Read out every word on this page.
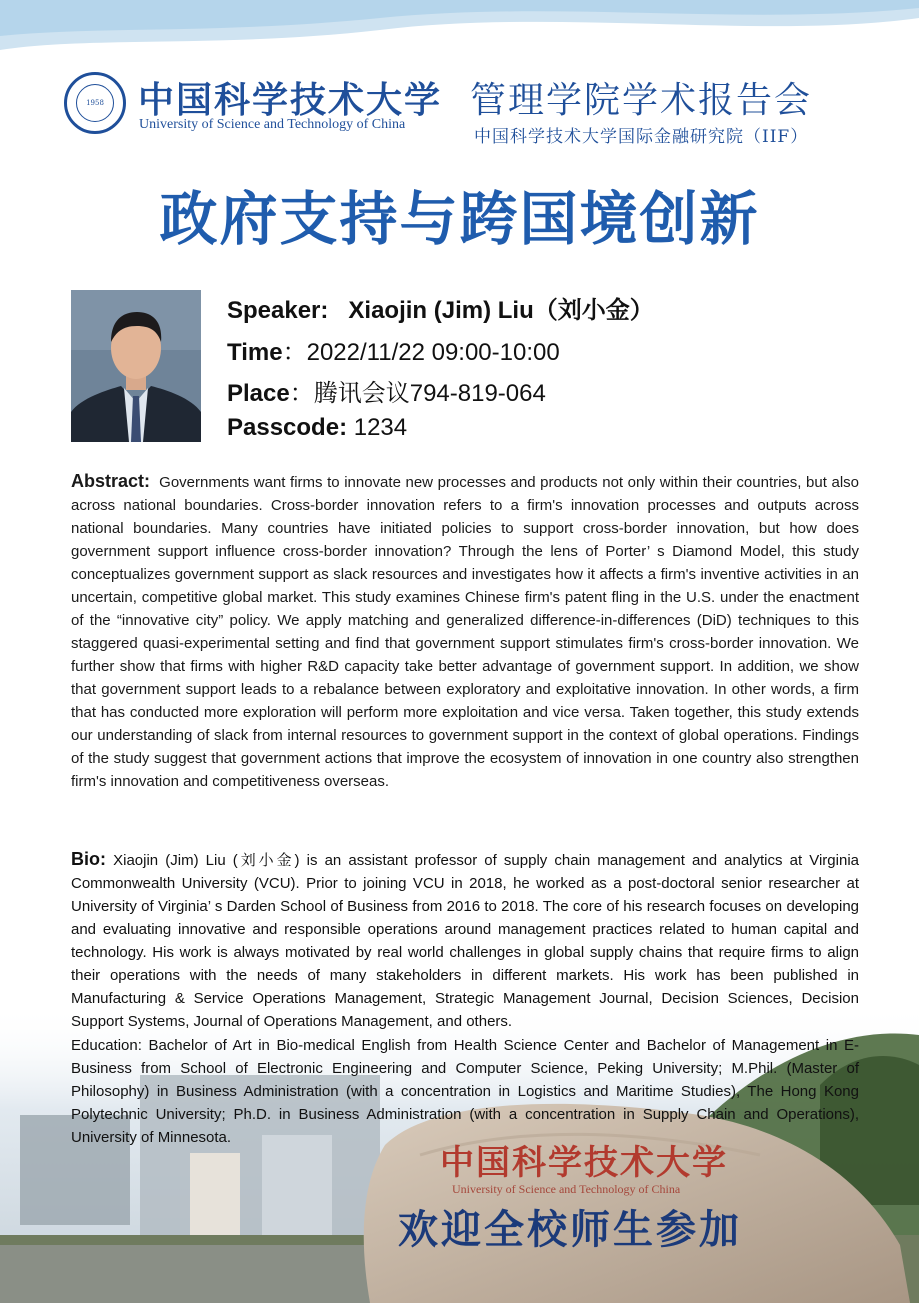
1958 中国科学技术大学
University of Science and Technology of China
管理学院学术报告会
中国科学技术大学国际金融研究院（IIF）
政府支持与跨国境创新
Speaker: Xiaojin (Jim) Liu（刘小金）
Time：2022/11/22 09:00-10:00
Place：腾讯会议794-819-064
Passcode: 1234
Abstract: Governments want firms to innovate new processes and products not only within their countries, but also across national boundaries. Cross-border innovation refers to a firm's innovation processes and outputs across national boundaries. Many countries have initiated policies to support cross-border innovation, but how does government support influence cross-border innovation? Through the lens of Porter’ s Diamond Model, this study conceptualizes government support as slack resources and investigates how it affects a firm's inventive activities in an uncertain, competitive global market. This study examines Chinese firm's patent fling in the U.S. under the enactment of the “innovative city” policy. We apply matching and generalized difference-in-differences (DiD) techniques to this staggered quasi-experimental setting and find that government support stimulates firm's cross-border innovation. We further show that firms with higher R&D capacity take better advantage of government support. In addition, we show that government support leads to a rebalance between exploratory and exploitative innovation. In other words, a firm that has conducted more exploration will perform more exploitation and vice versa. Taken together, this study extends our understanding of slack from internal resources to government support in the context of global operations. Findings of the study suggest that government actions that improve the ecosystem of innovation in one country also strengthen firm's innovation and competitiveness overseas.
Bio: Xiaojin (Jim) Liu (刘小金) is an assistant professor of supply chain management and analytics at Virginia Commonwealth University (VCU). Prior to joining VCU in 2018, he worked as a post-doctoral senior researcher at University of Virginia’ s Darden School of Business from 2016 to 2018. The core of his research focuses on developing and evaluating innovative and responsible operations around management practices related to human capital and technology. His work is always motivated by real world challenges in global supply chains that require firms to align their operations with the needs of many stakeholders in different markets. His work has been published in Manufacturing & Service Operations Management, Strategic Management Journal, Decision Sciences, Decision Support Systems, Journal of Operations Management, and others.
Education: Bachelor of Art in Bio-medical English from Health Science Center and Bachelor of Management in E-Business from School of Electronic Engineering and Computer Science, Peking University; M.Phil. (Master of Philosophy) in Business Administration (with a concentration in Logistics and Maritime Studies), The Hong Kong Polytechnic University; Ph.D. in Business Administration (with a concentration in Supply Chain and Operations), University of Minnesota.
中国科学技术大学
University of Science and Technology of China
欢迎全校师生参加
